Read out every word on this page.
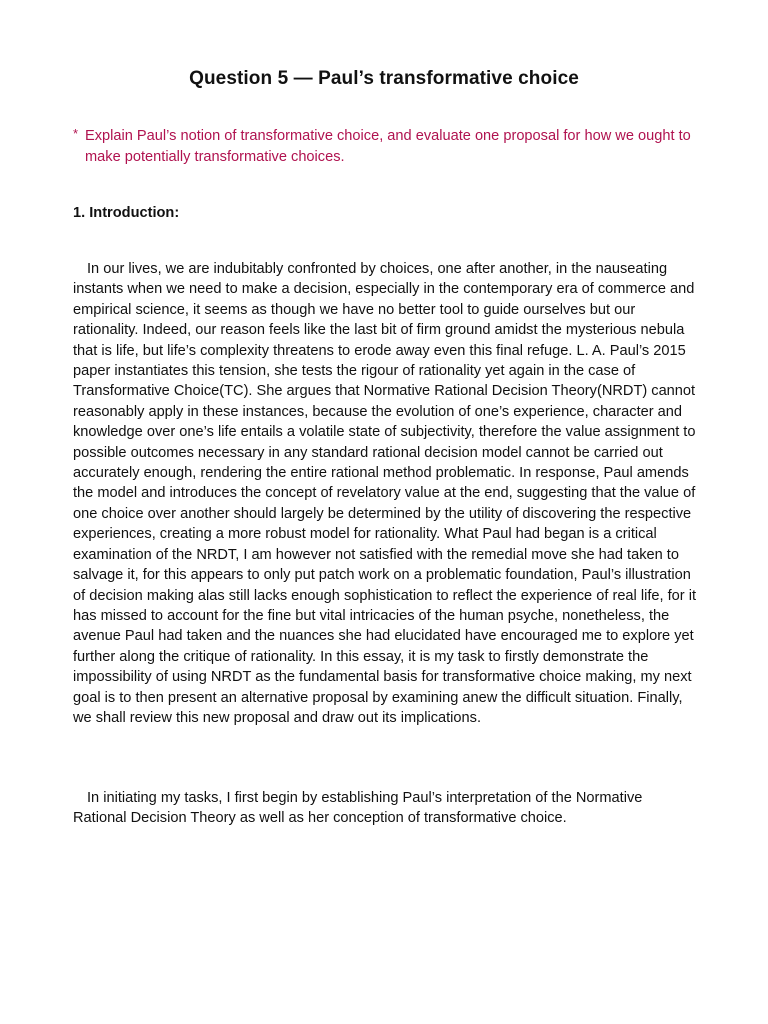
Question 5 — Paul’s transformative choice
* Explain Paul’s notion of transformative choice, and evaluate one proposal for how we ought to make potentially transformative choices.
1. Introduction:

In our lives, we are indubitably confronted by choices, one after another, in the nauseating instants when we need to make a decision, especially in the contemporary era of commerce and empirical science, it seems as though we have no better tool to guide ourselves but our rationality. Indeed, our reason feels like the last bit of firm ground amidst the mysterious nebula that is life, but life’s complexity threatens to erode away even this final refuge. L. A. Paul’s 2015 paper instantiates this tension, she tests the rigour of rationality yet again in the case of Transformative Choice(TC). She argues that Normative Rational Decision Theory(NRDT) cannot reasonably apply in these instances, because the evolution of one’s experience, character and knowledge over one’s life entails a volatile state of subjectivity, therefore the value assignment to possible outcomes necessary in any standard rational decision model cannot be carried out accurately enough, rendering the entire rational method problematic. In response, Paul amends the model and introduces the concept of revelatory value at the end, suggesting that the value of one choice over another should largely be determined by the utility of discovering the respective experiences, creating a more robust model for rationality. What Paul had began is a critical examination of the NRDT, I am however not satisfied with the remedial move she had taken to salvage it, for this appears to only put patch work on a problematic foundation, Paul’s illustration of decision making alas still lacks enough sophistication to reflect the experience of real life, for it has missed to account for the fine but vital intricacies of the human psyche, nonetheless, the avenue Paul had taken and the nuances she had elucidated have encouraged me to explore yet further along the critique of rationality. In this essay, it is my task to firstly demonstrate the impossibility of using NRDT as the fundamental basis for transformative choice making, my next goal is to then present an alternative proposal by examining anew the difficult situation. Finally, we shall review this new proposal and draw out its implications.

In initiating my tasks, I first begin by establishing Paul’s interpretation of the Normative Rational Decision Theory as well as her conception of transformative choice.
